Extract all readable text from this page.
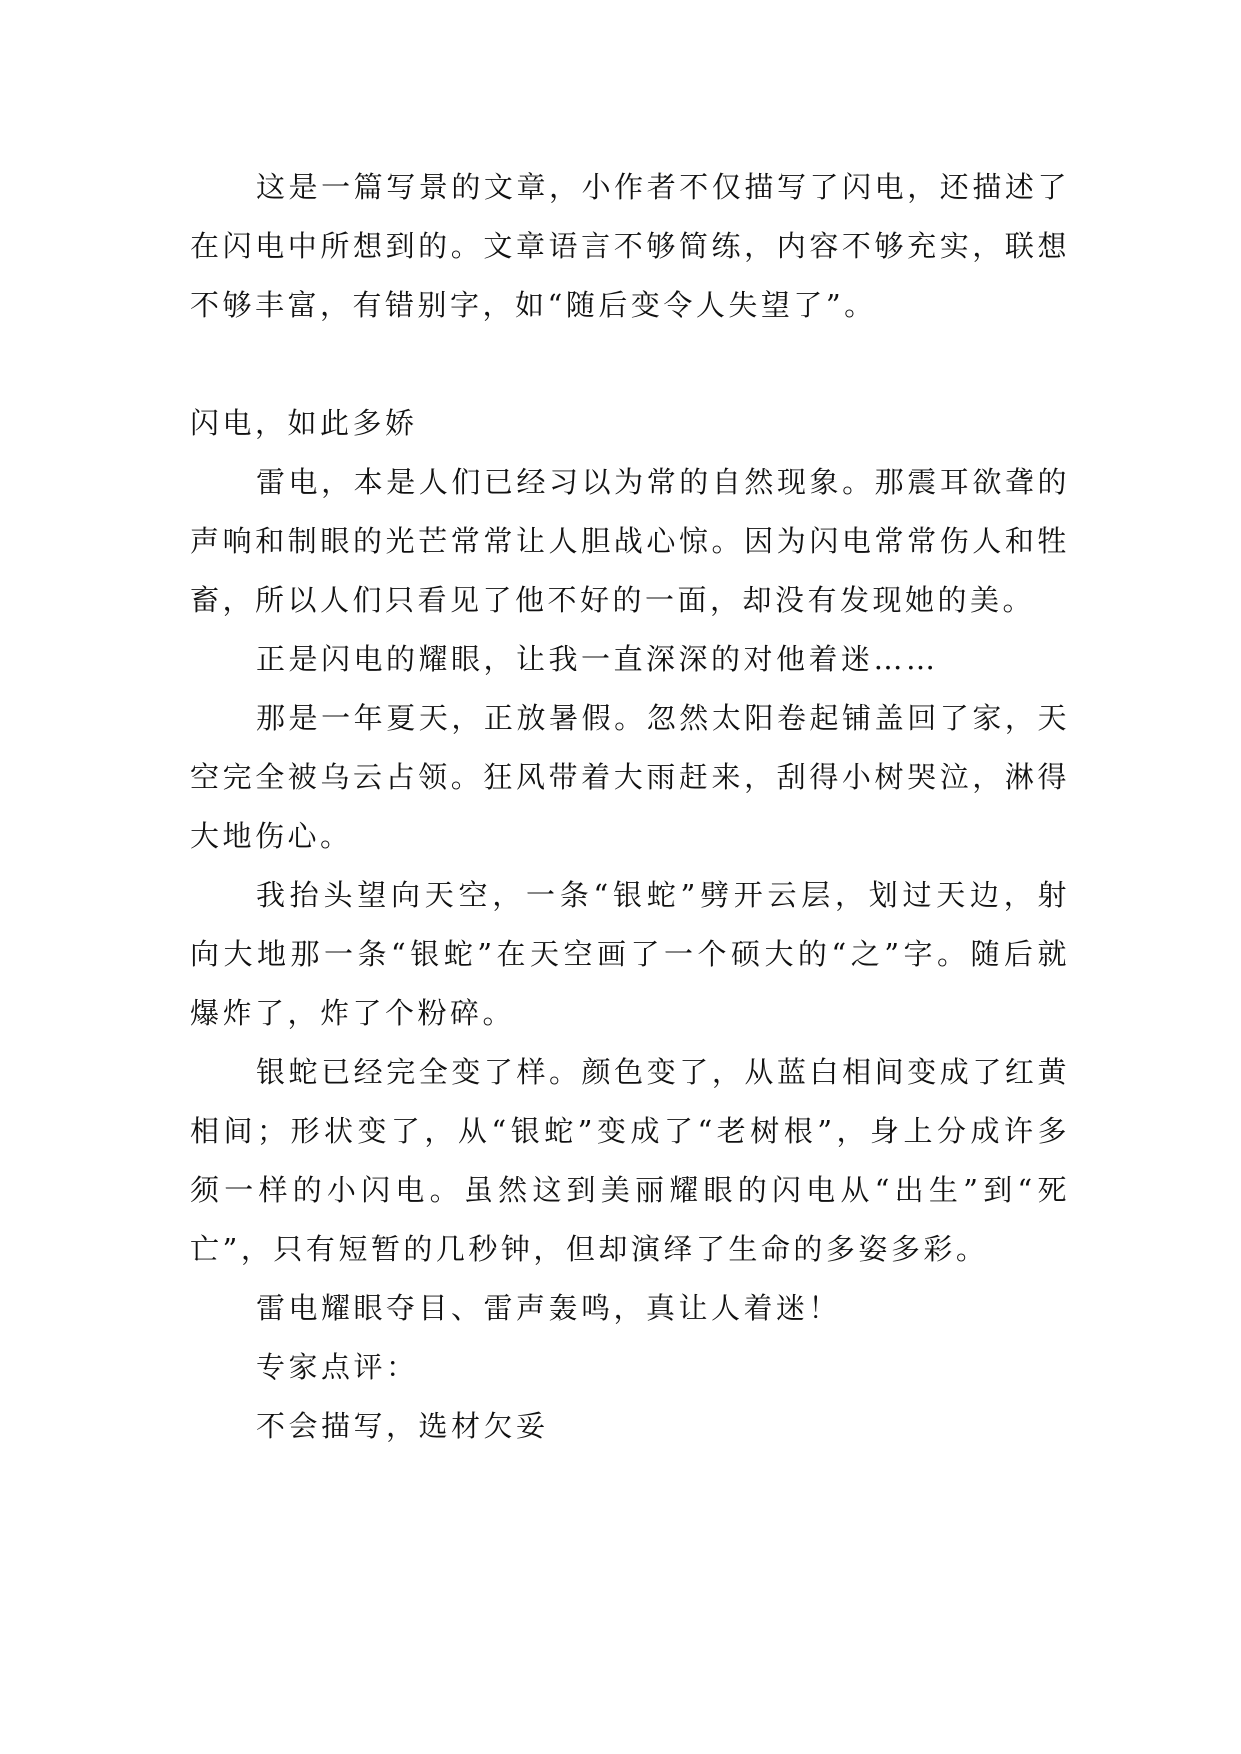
这是一篇写景的文章，小作者不仅描写了闪电，还描述了在闪电中所想到的。文章语言不够简练，内容不够充实，联想不够丰富，有错别字，如“随后变令人失望了”。

闪电，如此多娇

雷电，本是人们已经习以为常的自然现象。那震耳欲聋的声响和制眼的光芒常常让人胆战心惊。因为闪电常常伤人和牲畜，所以人们只看见了他不好的一面，却没有发现她的美。

正是闪电的耀眼，让我一直深深的对他着迷……

那是一年夏天，正放暑假。忽然太阳卷起铺盖回了家，天空完全被乌云占领。狂风带着大雨赶来，刮得小树哭泣，淋得大地伤心。

我抬头望向天空，一条“银蛇”劈开云层，划过天边，射向大地那一条“银蛇”在天空画了一个硕大的“之”字。随后就爆炸了，炸了个粉碎。

银蛇已经完全变了样。颜色变了，从蓝白相间变成了红黄相间；形状变了，从“银蛇”变成了“老树根”，身上分成许多须一样的小闪电。虽然这到美丽耀眼的闪电从“出生”到“死亡”，只有短暂的几秒钟，但却演绎了生命的多姿多彩。

雷电耀眼夺目、雷声轰鸣，真让人着迷！

专家点评：

不会描写，选材欠妥
